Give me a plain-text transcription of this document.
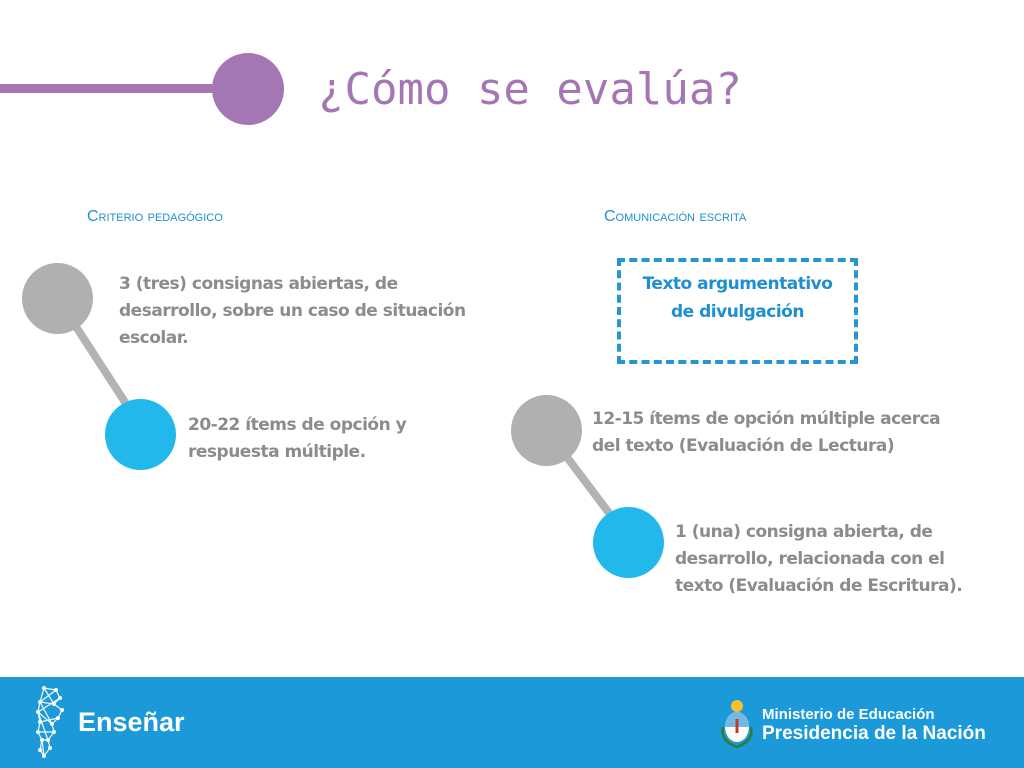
¿Cómo se evalúa?
Criterio pedagógico
3 (tres) consignas abiertas, de desarrollo, sobre un caso de situación escolar.
20-22 ítems de opción y respuesta múltiple.
Comunicación escrita
Texto argumentativo
de divulgación
12-15 ítems de opción múltiple acerca del texto (Evaluación de Lectura)
1 (una) consigna abierta, de desarrollo, relacionada con el texto (Evaluación de Escritura).
Enseñar	Ministerio de Educación
Presidencia de la Nación
